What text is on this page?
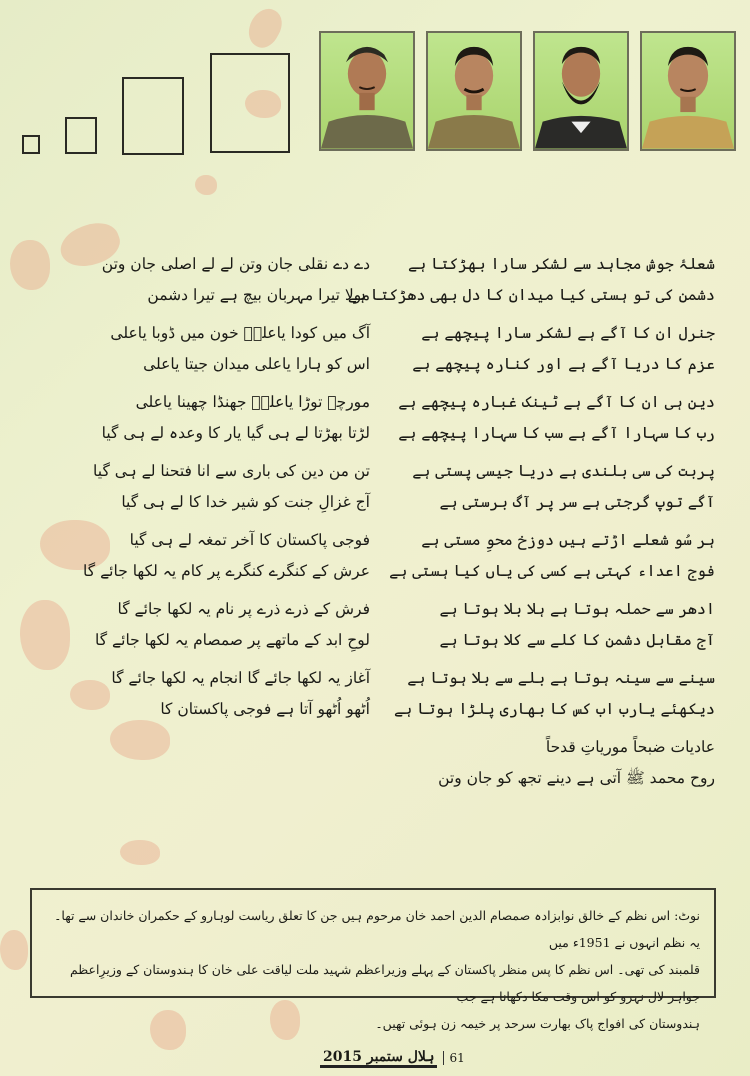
شعلۂ جوش مجاہد سے لشکر سارا بھڑکتا ہے
دشمن کی تو ہستی کیا میدان کا دل بھی دھڑکتا ہے
جنرل ان کا آگے ہے لشکر سارا پیچھے ہے
عزم کا دریا آگے ہے اور کنارہ پیچھے ہے
دین ہی ان کا آگے ہے ٹینک غبارہ پیچھے ہے
رب کا سہارا آگے ہے سب کا سہارا پیچھے ہے
پربت کی سی بلندی ہے دریا جیسی پستی ہے
آگے توپ گرجتی ہے سر پر آگ برستی ہے
ہر سُو شعلے اڑتے ہیں دوزخ محوِ مستی ہے
فوج اعداء کہتی ہے کسی کی یاں کیا ہستی ہے
ادھر سے حملہ ہوتا ہے ہلا بلا ہوتا ہے
آج مقابل دشمن کا کلے سے کلا ہوتا ہے
سینے سے سینہ ہوتا ہے بلے سے بلا ہوتا ہے
دیکھئے یارب اب کس کا بھاری پلڑا ہوتا ہے
عادیات ضبحاً موریاتِ قدحاً
روح محمد ﷺ آتی ہے دینے تجھ کو جان وتن
دے دے نقلی جان وتن لے لے اصلی جان وتن
مولا تیرا مہربان بیچ ہے تیرا دشمن
آگ میں کودا یاعلیؑ خون میں ڈوبا یاعلی
اس کو ہارا یاعلی میدان جیتا یاعلی
مورچہ توڑا یاعلیؑ جھنڈا چھینا یاعلی
لڑتا بھڑتا لے ہی گیا یار کا وعدہ لے ہی گیا
تن من دین کی باری سے انا فتحنا لے ہی گیا
آج غزالِ جنت کو شیر خدا کا لے ہی گیا
فوجی پاکستان کا آخر تمغہ لے ہی گیا
عرش کے کنگرے کنگرے پر کام یہ لکھا جائے گا
فرش کے ذرے ذرے پر نام یہ لکھا جائے گا
لوحِ ابد کے ماتھے پر صمصام یہ لکھا جائے گا
آغاز یہ لکھا جائے گا انجام یہ لکھا جائے گا
اُٹھو اُٹھو آتا ہے فوجی پاکستان کا
نوٹ: اس نظم کے خالق نوابزادہ صمصام الدین احمد خان مرحوم ہیں جن کا تعلق ریاست لوہارو کے حکمران خاندان سے تھا۔ یہ نظم انہوں نے 1951ء میں
قلمبند کی تھی۔ اس نظم کا پس منظر پاکستان کے پہلے وزیراعظم شہید ملت لیاقت علی خان کا ہندوستان کے وزیرِاعظم جواہر لال نہرو کو اس وقت مکا دکھانا ہے جب
ہندوستان کی افواج پاک بھارت سرحد پر خیمہ زن ہوئی تھیں۔
ہلال ستمبر 2015	61
